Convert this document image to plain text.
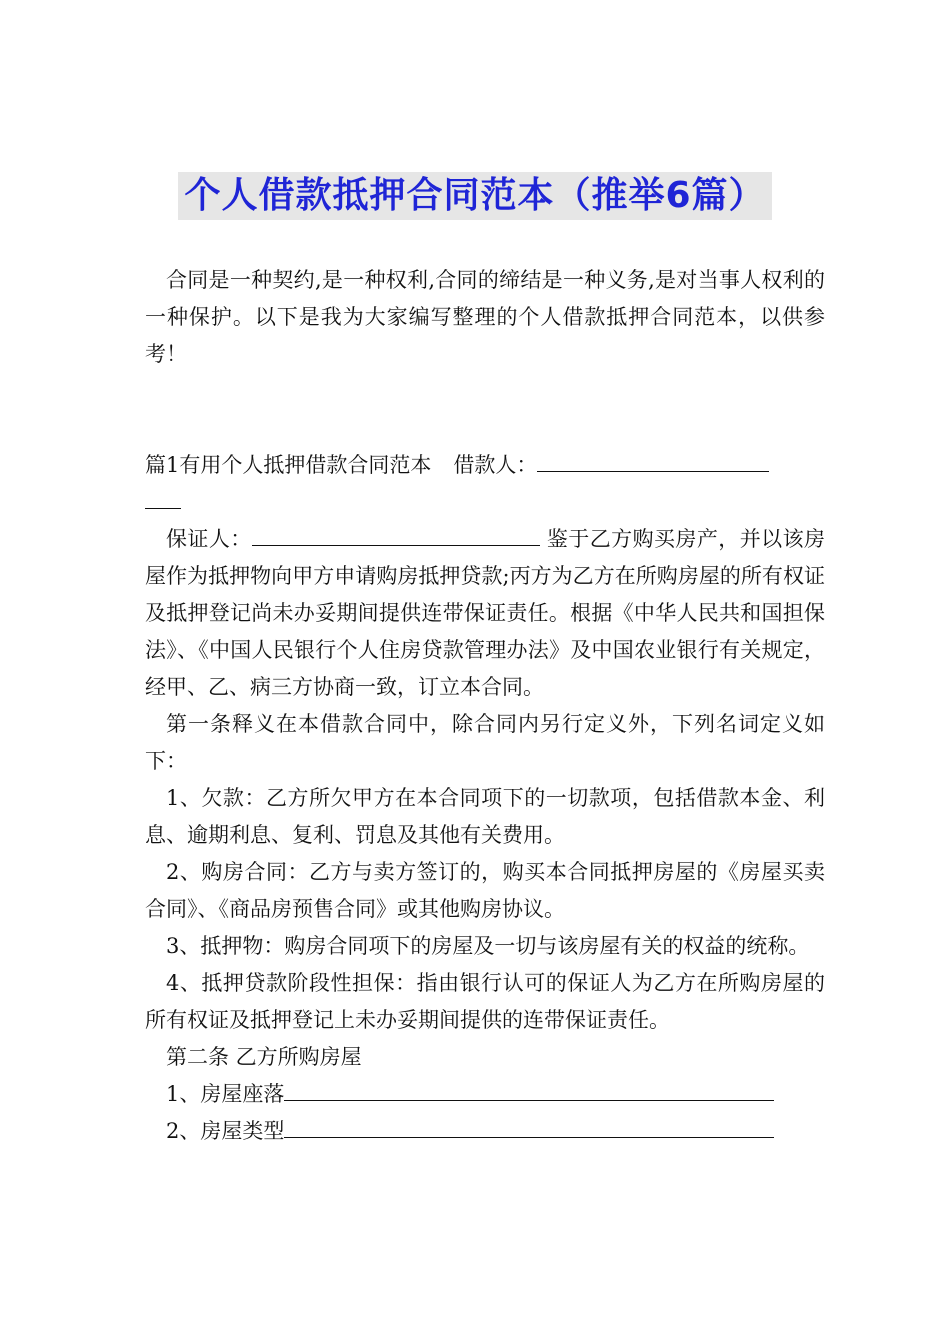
个人借款抵押合同范本（推举6篇）

合同是一种契约,是一种权利,合同的缔结是一种义务,是对当事人权利的一种保护。以下是我为大家编写整理的个人借款抵押合同范本，以供参考！

篇1有用个人抵押借款合同范本 借款人：

保证人：	鉴于乙方购买房产，并以该房屋作为抵押物向甲方申请购房抵押贷款;丙方为乙方在所购房屋的所有权证及抵押登记尚未办妥期间提供连带保证责任。根据《中华人民共和国担保法》、《中国人民银行个人住房贷款管理办法》及中国农业银行有关规定，经甲、乙、病三方协商一致，订立本合同。

第一条释义在本借款合同中，除合同内另行定义外，下列名词定义如下：

1、欠款：乙方所欠甲方在本合同项下的一切款项，包括借款本金、利息、逾期利息、复利、罚息及其他有关费用。

2、购房合同：乙方与卖方签订的，购买本合同抵押房屋的《房屋买卖合同》、《商品房预售合同》或其他购房协议。

3、抵押物：购房合同项下的房屋及一切与该房屋有关的权益的统称。

4、抵押贷款阶段性担保：指由银行认可的保证人为乙方在所购房屋的所有权证及抵押登记上未办妥期间提供的连带保证责任。

第二条 乙方所购房屋

1、房屋座落

2、房屋类型
